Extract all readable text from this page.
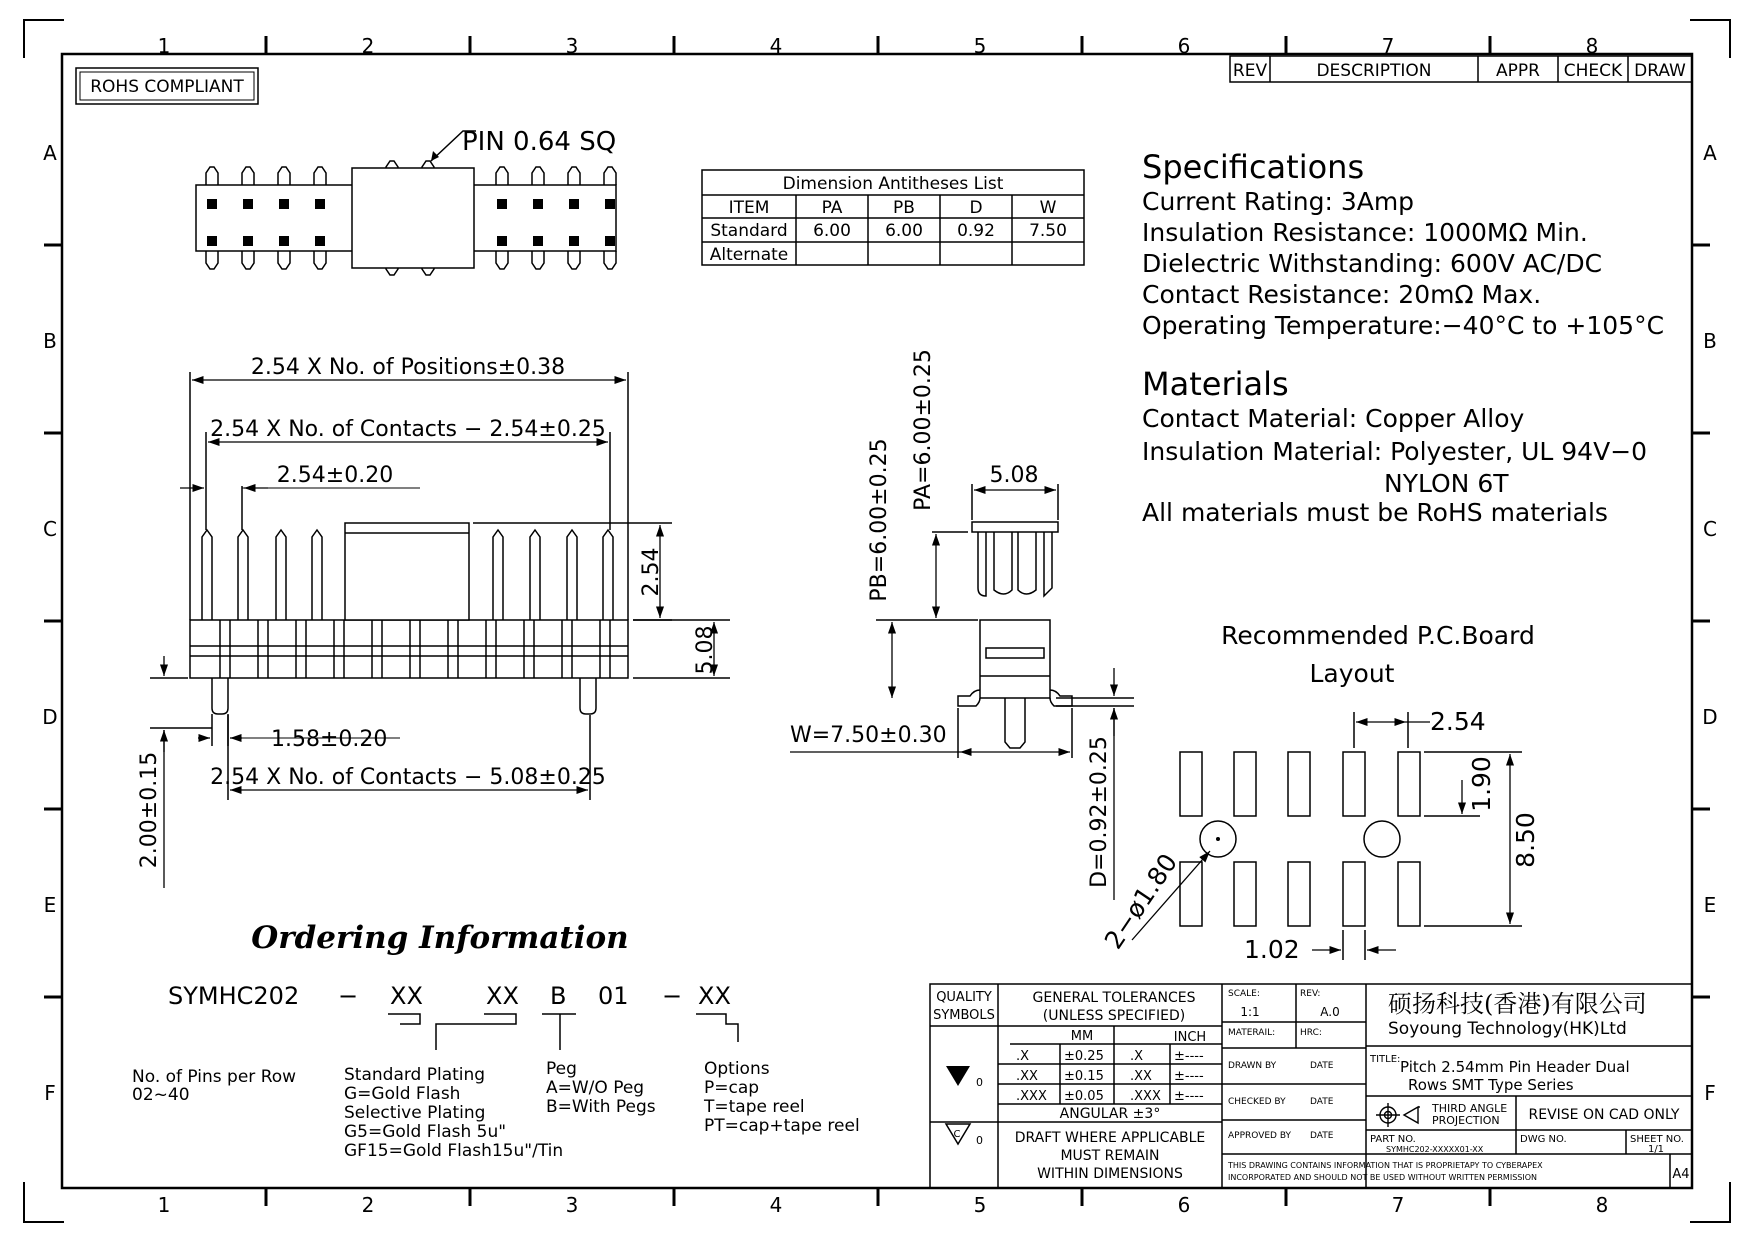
1	2	3	4	5	6	7	8
1	2	3	4	5	6	7	8
A
B
C
D
E
F
A
B
C
D
E
F
ROHS COMPLIANT
REV	DESCRIPTION	APPR CHECK DRAW
PIN 0.64 SQ
Dimension Antitheses List
ITEM	PA	PB	D	W
Standard 6.00 6.00 0.92 7.50
Alternate
Specifications
Current Rating: 3Amp
Insulation Resistance: 1000MΩ Min.
Dielectric Withstanding: 600V AC/DC
Contact Resistance: 20mΩ Max.
Operating Temperature:−40°C to +105°C
Materials
Contact Material: Copper Alloy
Insulation Material: Polyester, UL 94V−0
NYLON 6T
All materials must be RoHS materials
2.54 X No. of Positions±0.38
2.54 X No. of Contacts − 2.54±0.25
2.54±0.20
1.58±0.20
2.54 X No. of Contacts − 5.08±0.25
2.54
5.08
2.00±0.15
PA=6.00±0.25
PB=6.00±0.25	5.08
W=7.50±0.30
D=0.92±0.25
Recommended P.C.Board
Layout
2.54
1.90
8.50
1.02
2−ø1.80
Ordering Information
SYMHC202 − XX	XX B 01 − XX
No. of Pins per Row
02~40
Standard Plating
G=Gold Flash
Selective Plating
G5=Gold Flash 5u"
GF15=Gold Flash15u"/Tin
Peg
A=W/O Peg
B=With Pegs
Options
P=cap
T=tape reel
PT=cap+tape reel	C
QUALITY
SYMBOLS
0
0
GENERAL TOLERANCES
(UNLESS SPECIFIED)
MM	INCH
.X	±0.25 .X ±----
.XX ±0.15 .XX ±----
.XXX ±0.05 .XXX ±----
ANGULAR ±3°
DRAFT WHERE APPLICABLE
MUST REMAIN
WITHIN DIMENSIONS
SCALE:
1:1
REV:
A.0
MATERAIL:	HRC:
DRAWN BY	DATE
CHECKED BY	DATE
APPROVED BY DATE
硕扬科技(香港)有限公司
Soyoung Technology(HK)Ltd
TITLE: Pitch 2.54mm Pin Header Dual
Rows SMT Type Series
THIRD ANGLE
PROJECTION REVISE ON CAD ONLY
PART NO.
SYMHC202-XXXXX01-XX
DWG NO.	SHEET NO.
1/1
THIS DRAWING CONTAINS INFORMATION THAT IS PROPRIETAPY TO CYBERAPEX
INCORPORATED AND SHOULD NOT BE USED WITHOUT WRITTEN PERMISSION	A4
